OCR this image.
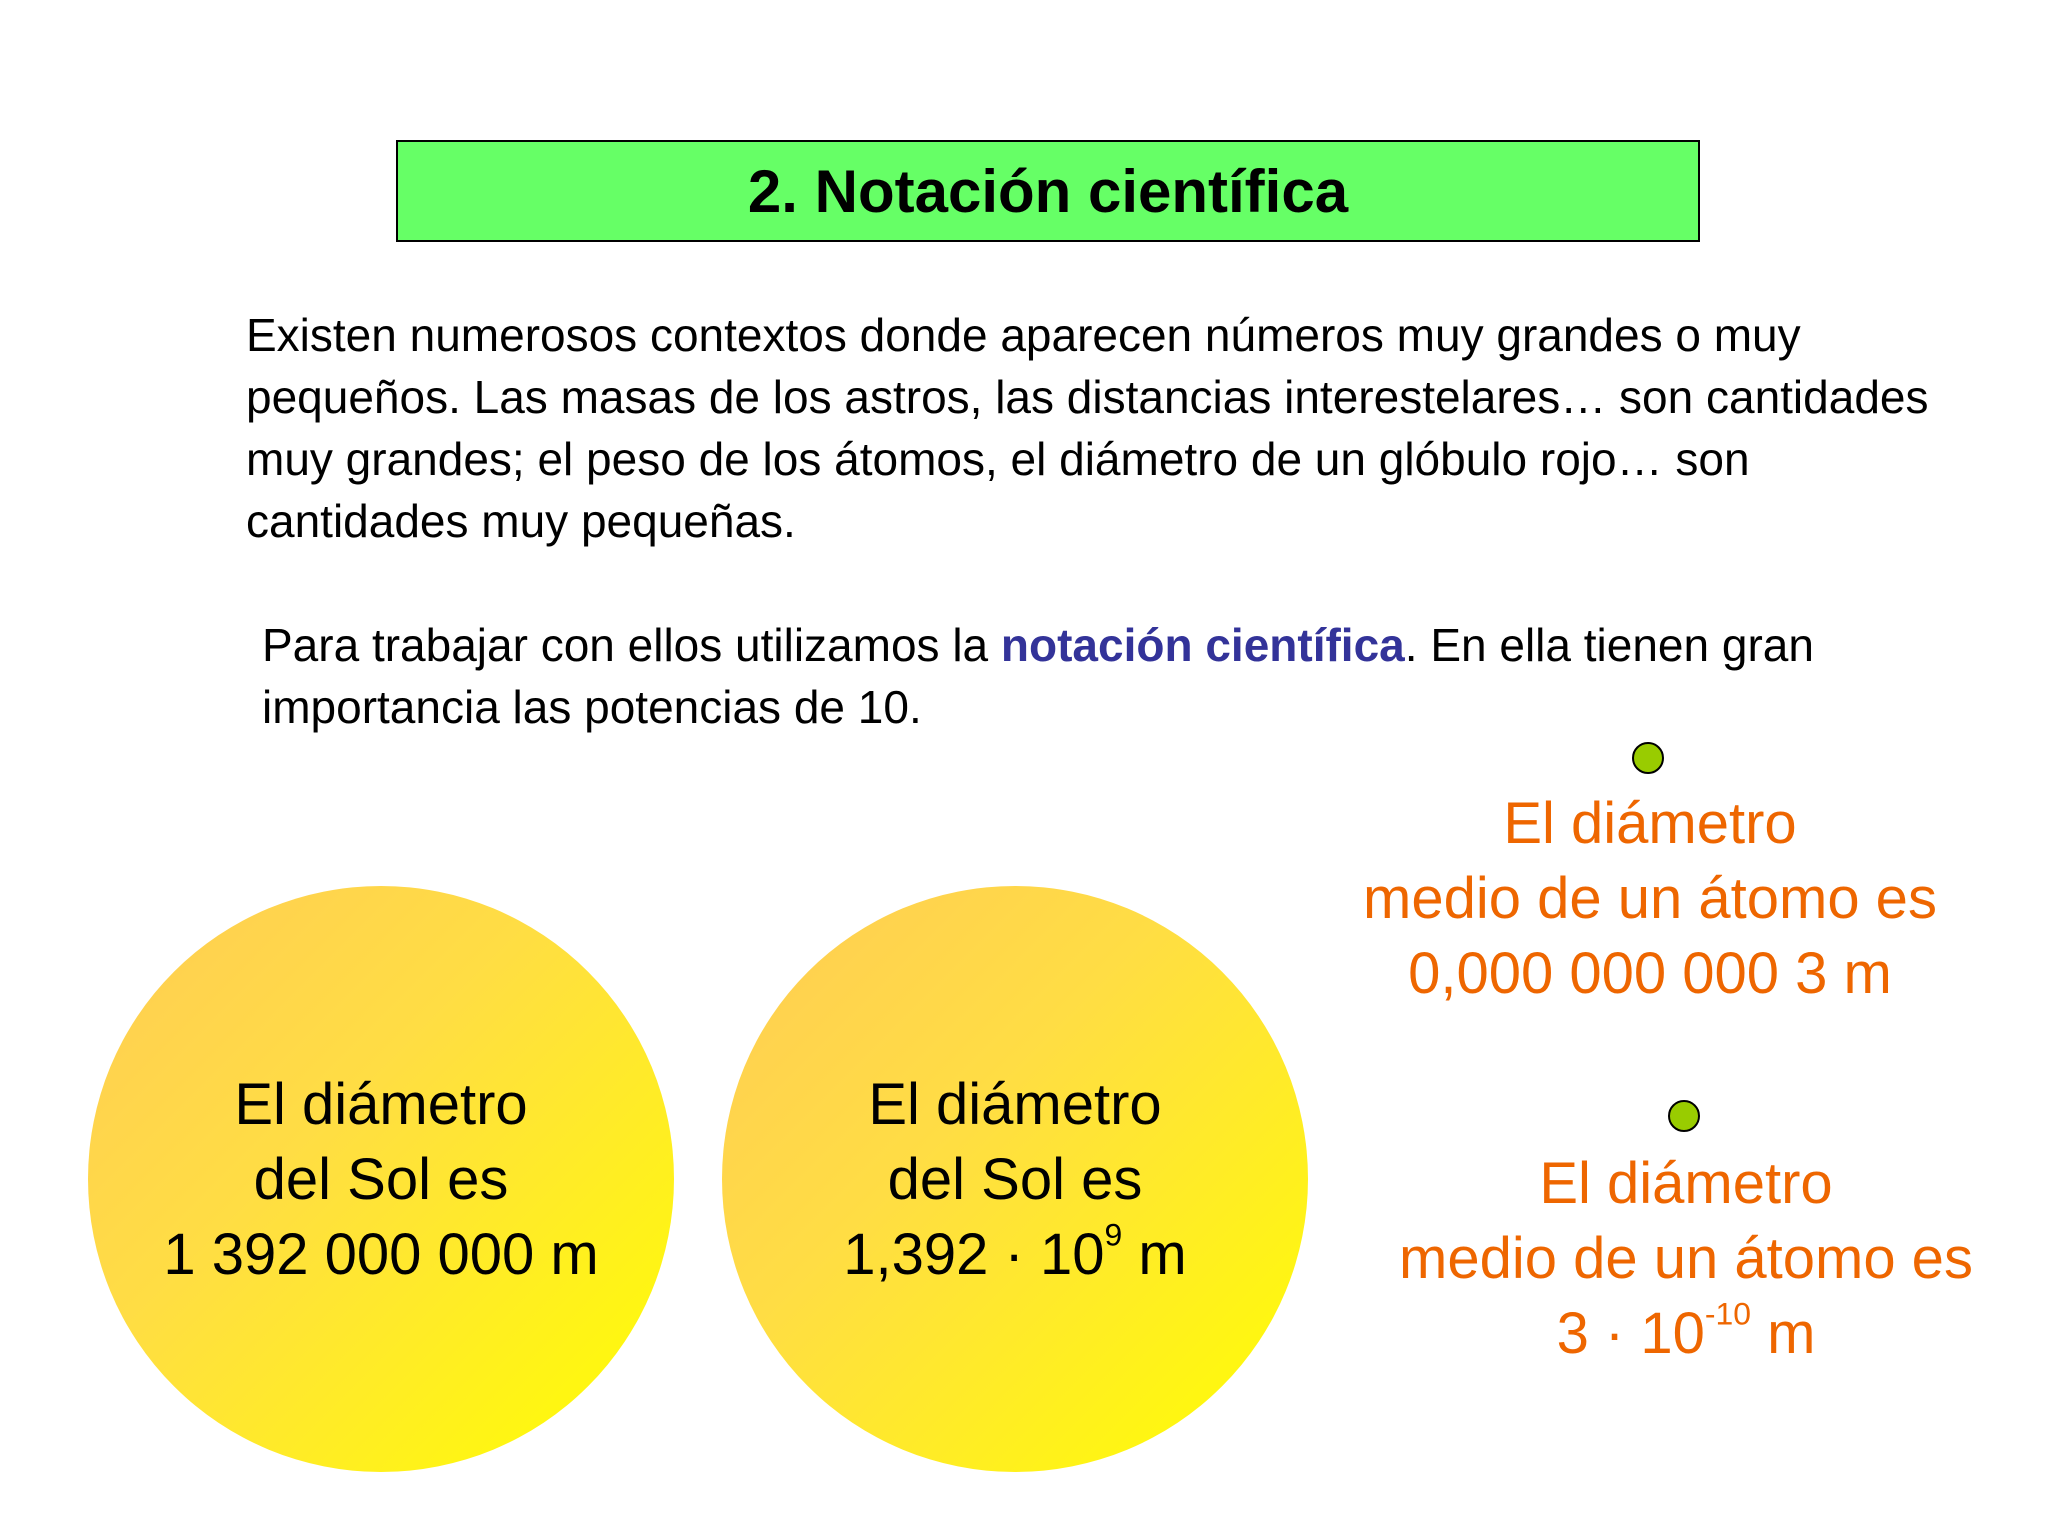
2. Notación científica

Existen numerosos contextos donde aparecen números muy grandes o muy pequeños. Las masas de los astros, las distancias interestelares… son cantidades muy grandes; el peso de los átomos, el diámetro de un glóbulo rojo… son cantidades muy pequeñas.

Para trabajar con ellos utilizamos la notación científica. En ella tienen gran importancia las potencias de 10.

El diámetro
del Sol es
1 392 000 000 m
El diámetro
del Sol es
$1,392 \cdot 10^9$ m
El diámetro
medio de un átomo es
0,000 000 000 3 m
El diámetro
medio de un átomo es
$3 \cdot 10^{-10}$ m
